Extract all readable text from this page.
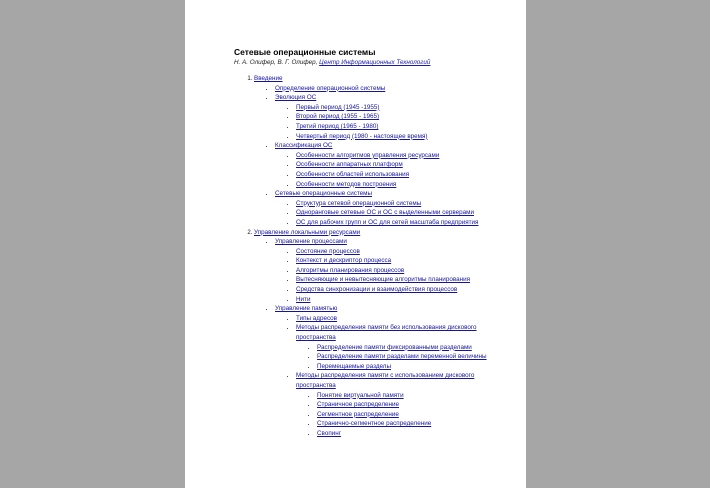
Сетевые операционные системы

Н. А. Олифер, В. Г. Олифер, Центр Информационных Технологий

1. Введение
• Определение операционной системы
• Эволюция ОС
• Первый период (1945 -1955)
• Второй период (1955 - 1965)
• Третий период (1965 - 1980)
• Четвертый период (1980 - настоящее время)
• Классификация ОС
• Особенности алгоритмов управления ресурсами
• Особенности аппаратных платформ
• Особенности областей использования
• Особенности методов построения
• Сетевые операционные системы
• Структура сетевой операционной системы
• Одноранговые сетевые ОС и ОС с выделенными серверами
• ОС для рабочих групп и ОС для сетей масштаба предприятия
2. Управление локальными ресурсами
• Управление процессами
• Состояние процессов
• Контекст и дескриптор процесса
• Алгоритмы планирования процессов
• Вытесняющие и невытесняющие алгоритмы планирования
• Средства синхронизации и взаимодействия процессов
• Нити
• Управление памятью
• Типы адресов
• Методы распределения памяти без использования дискового пространства
• Распределение памяти фиксированными разделами
• Распределение памяти разделами переменной величины
• Перемещаемые разделы
• Методы распределения памяти с использованием дискового пространства
• Понятие виртуальной памяти
• Страничное распределение
• Сегментное распределение
• Странично-сегментное распределение
• Свопинг
